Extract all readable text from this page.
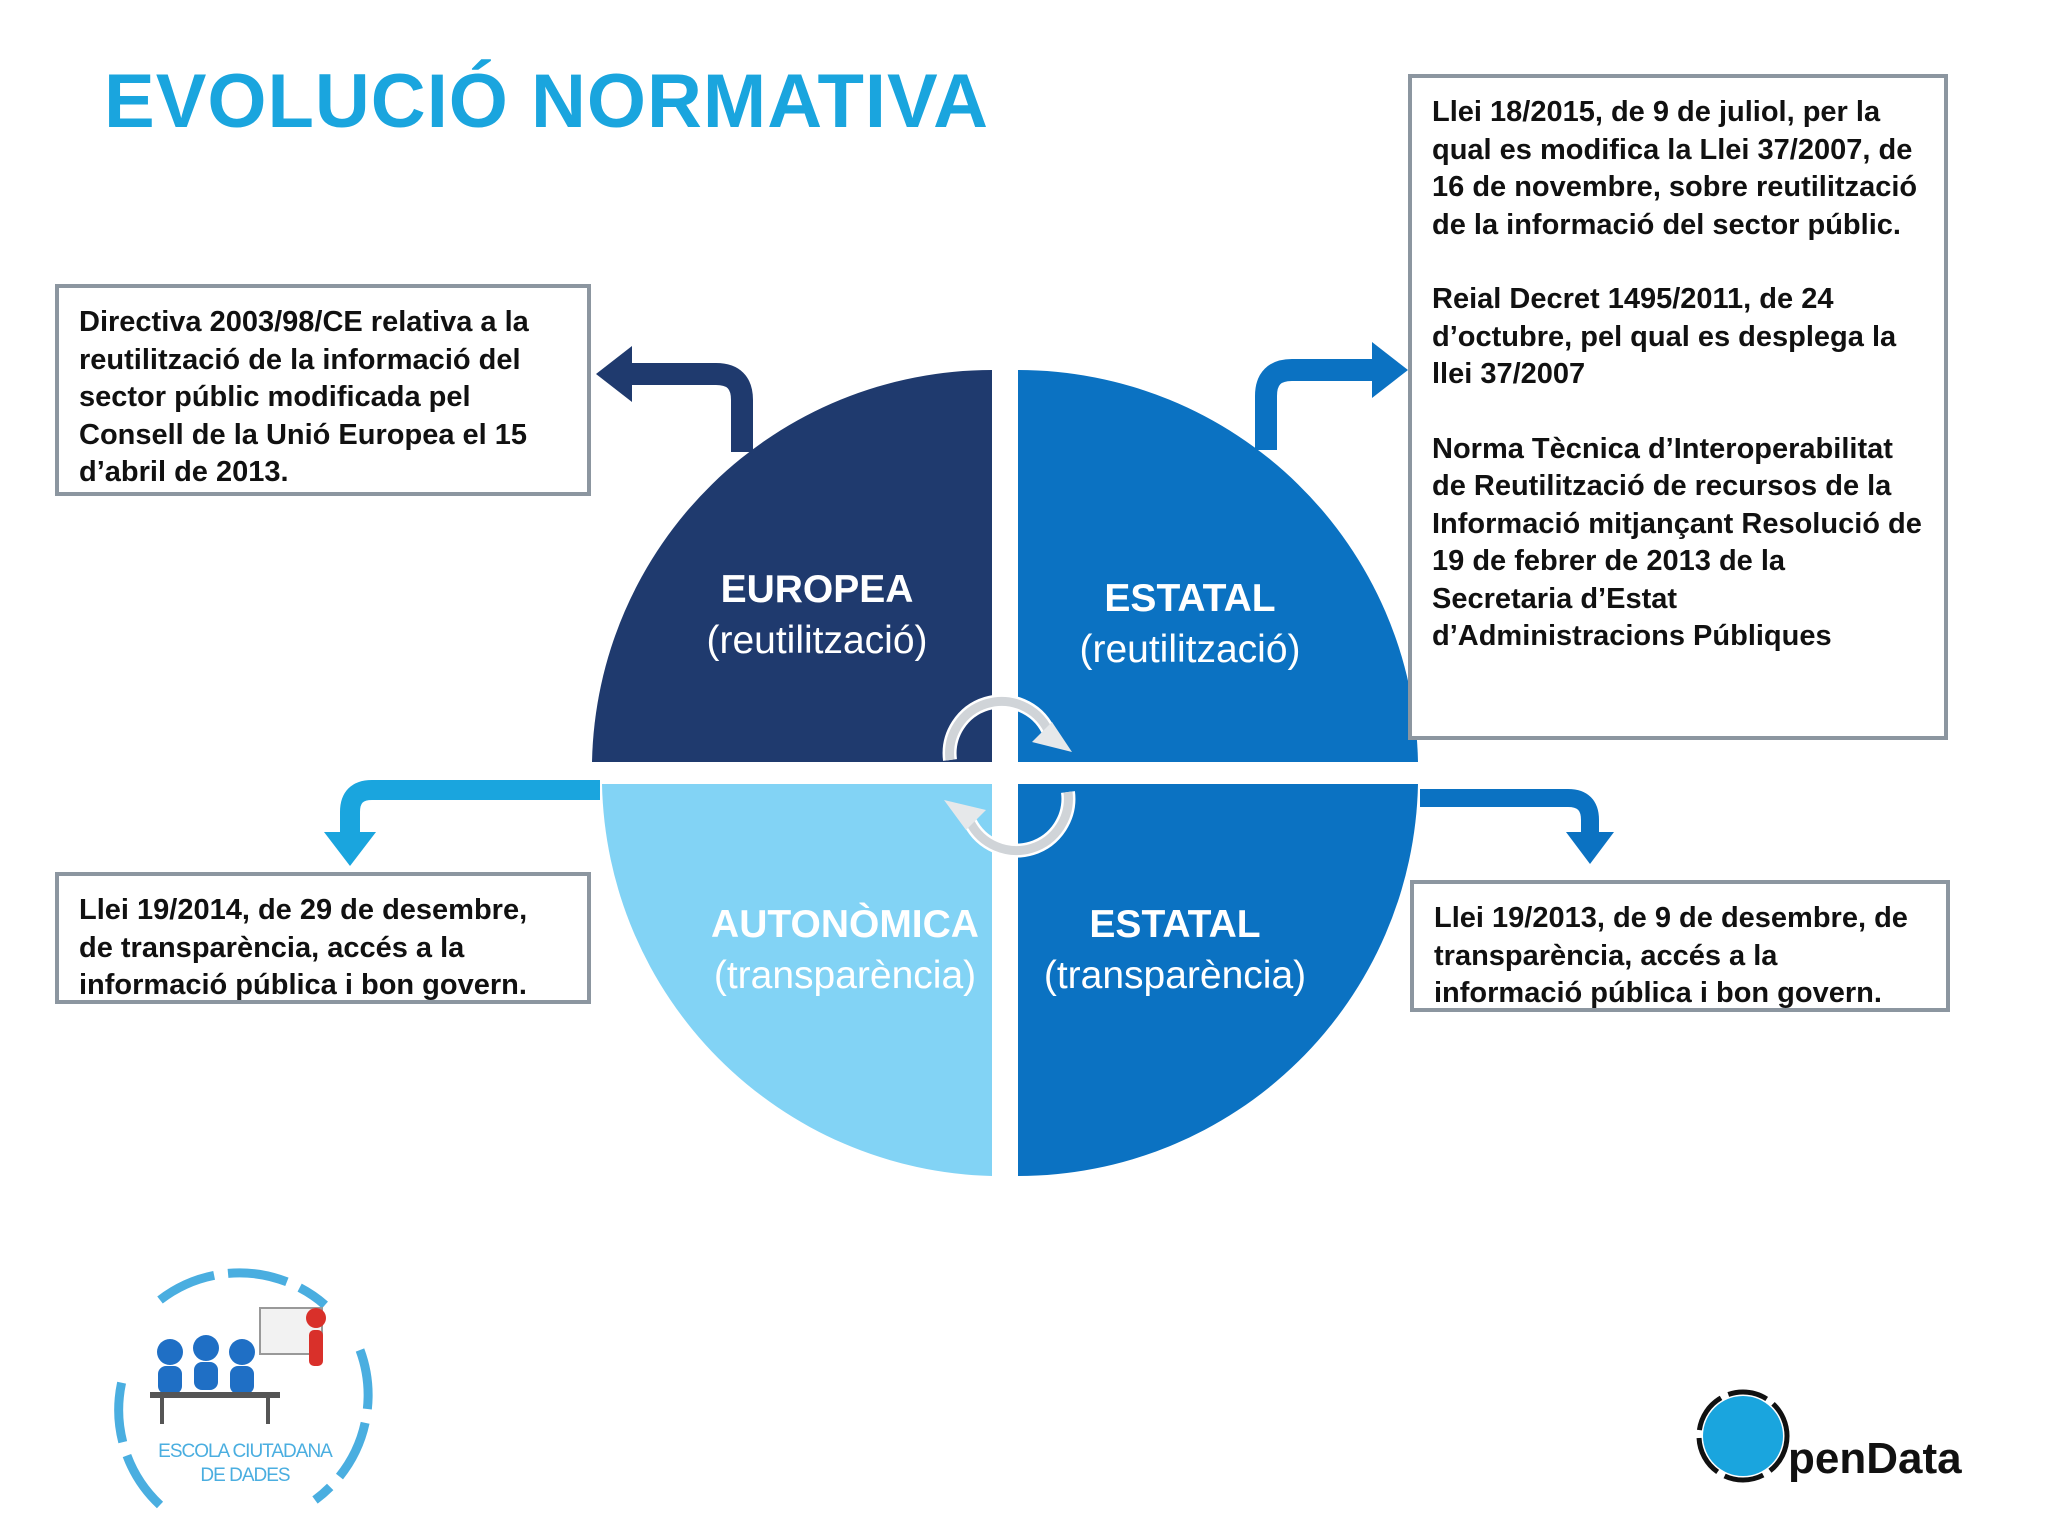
EVOLUCIÓ NORMATIVA
EUROPEA
(reutilització)
ESTATAL
(reutilització)
AUTONÒMICA
(transparència)
ESTATAL
(transparència)

Directiva 2003/98/CE relativa a la reutilització de la informació del sector públic modificada pel Consell de la Unió Europea el 15 d’abril de 2013.

Llei 18/2015, de 9 de juliol, per la qual es modifica la Llei 37/2007, de 16 de novembre, sobre reutilització de la informació del sector públic.

Reial Decret 1495/2011, de 24 d’octubre, pel qual es desplega la llei 37/2007

Norma Tècnica d’Interoperabilitat de Reutilització de recursos de la Informació mitjançant Resolució de 19 de febrer de 2013 de la Secretaria d’Estat d’Administracions Públiques

Llei 19/2014, de 29 de desembre, de transparència, accés a la informació pública i bon govern.

Llei 19/2013, de 9 de desembre, de transparència, accés a la informació pública i bon govern.

ESCOLA CIUTADANA
DE DADES	penData
